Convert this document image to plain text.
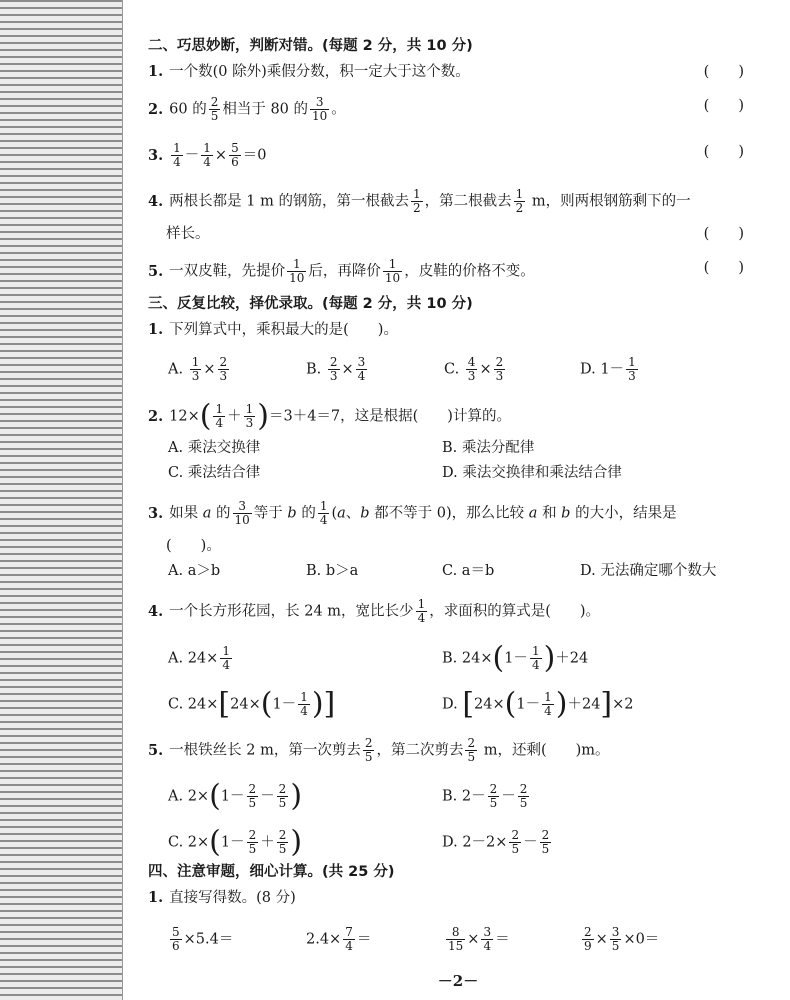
二、巧思妙断，判断对错。(每题 2 分，共 10 分)
1. 一个数(0 除外)乘假分数，积一定大于这个数。	(　　)
2. 60 的 $\frac{2}{5}$ 相当于 80 的 $\frac{3}{10}$ 。	(　　)
3. $\frac{1}{4} - \frac{1}{4} \times \frac{5}{6} =0$	(　　)
4. 两根长都是 1 m 的钢筋，第一根截去 $\frac{1}{2}$ ，第二根截去 $\frac{1}{2}$ m，则两根钢筋剩下的一
样长。	(　　)
5. 一双皮鞋，先提价 $\frac{1}{10}$ 后，再降价 $\frac{1}{10}$ ，皮鞋的价格不变。	(　　)
三、反复比较，择优录取。(每题 2 分，共 10 分)
1. 下列算式中，乘积最大的是(　　)。
A. $\frac{1}{3} \times \frac{2}{3}$	B. $\frac{2}{3} \times \frac{3}{4}$	C. $\frac{4}{3} \times \frac{2}{3}$	D. $1- \frac{1}{3}$
2. $12\times( \frac{1}{4} + \frac{1}{3} )=3+4=7$，这是根据(　　)计算的。
A. 乘法交换律	B. 乘法分配律
C. 乘法结合律	D. 乘法交换律和乘法结合律
3. 如果 a 的 $\frac{3}{10}$ 等于 b 的 $\frac{1}{4} (a$、b 都不等于 0)，那么比较 a 和 b 的大小，结果是
(　　)。
A. a＞b	B. b＞a	C. a＝b	D. 无法确定哪个数大
4. 一个长方形花园，长 24 m，宽比长少 $\frac{1}{4}$ ，求面积的算式是(　　)。
A. $24\times \frac{1}{4}$	B. $24\times(1- \frac{1}{4} )+24$
C. $24\times[24\times(1- \frac{1}{4}$ )]	D. $[24\times(1- \frac{1}{4} )+24]\times 2$
5. 一根铁丝长 2 m，第一次剪去 $\frac{2}{5}$ ，第二次剪去 $\frac{2}{5}$ m，还剩(　　)m。
A. $2\times(1- \frac{2}{5} - \frac{2}{5}$ )	B. $2- \frac{2}{5} - \frac{2}{5}$
C. $2\times(1- \frac{2}{5} + \frac{2}{5}$ )	D. $2-2\times \frac{2}{5} - \frac{2}{5}$
四、注意审题，细心计算。(共 25 分)
1. 直接写得数。(8 分)
$\frac{5}{6} \times 5.4=$	$2.4\times \frac{7}{4}$ ＝	$\frac{8}{15} \times \frac{3}{4}$ ＝	$\frac{2}{9} \times \frac{3}{5} \times 0=$
－2－
